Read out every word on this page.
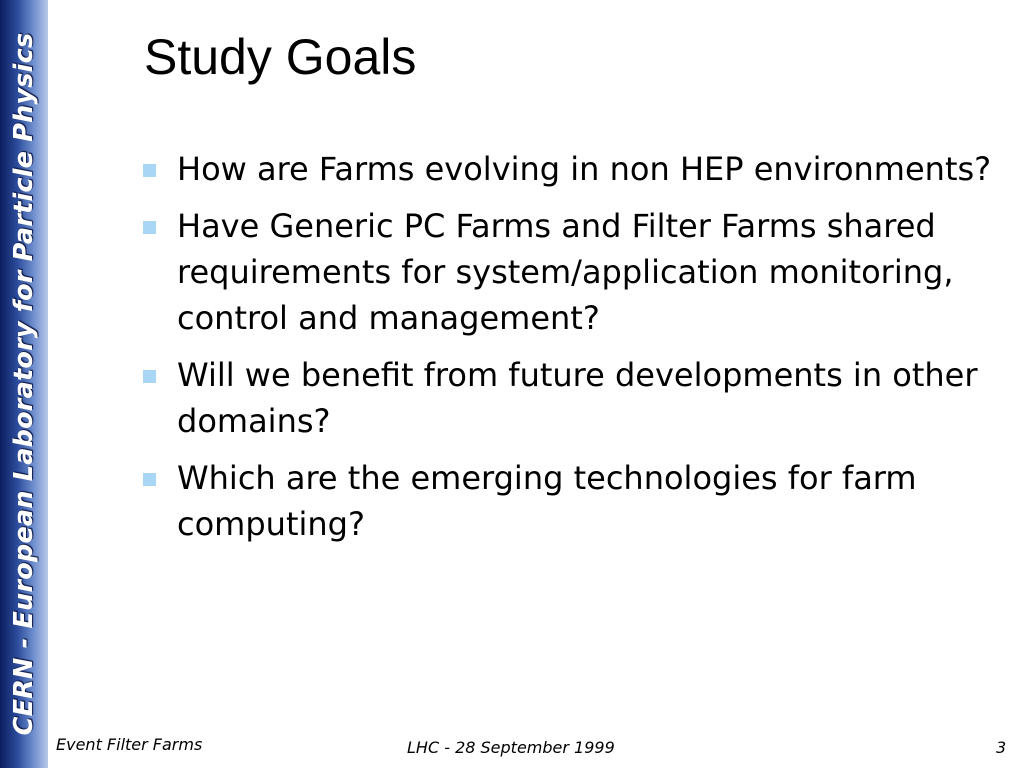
CERN - European Laboratory for Particle Physics Study Goals
How are Farms evolving in non HEP environments?
Have Generic PC Farms and Filter Farms shared requirements for system/application monitoring, control and management?
Will we benefit from future developments in other domains?
Which are the emerging technologies for farm computing?
Event Filter Farms	LHC - 28 September 1999	3
